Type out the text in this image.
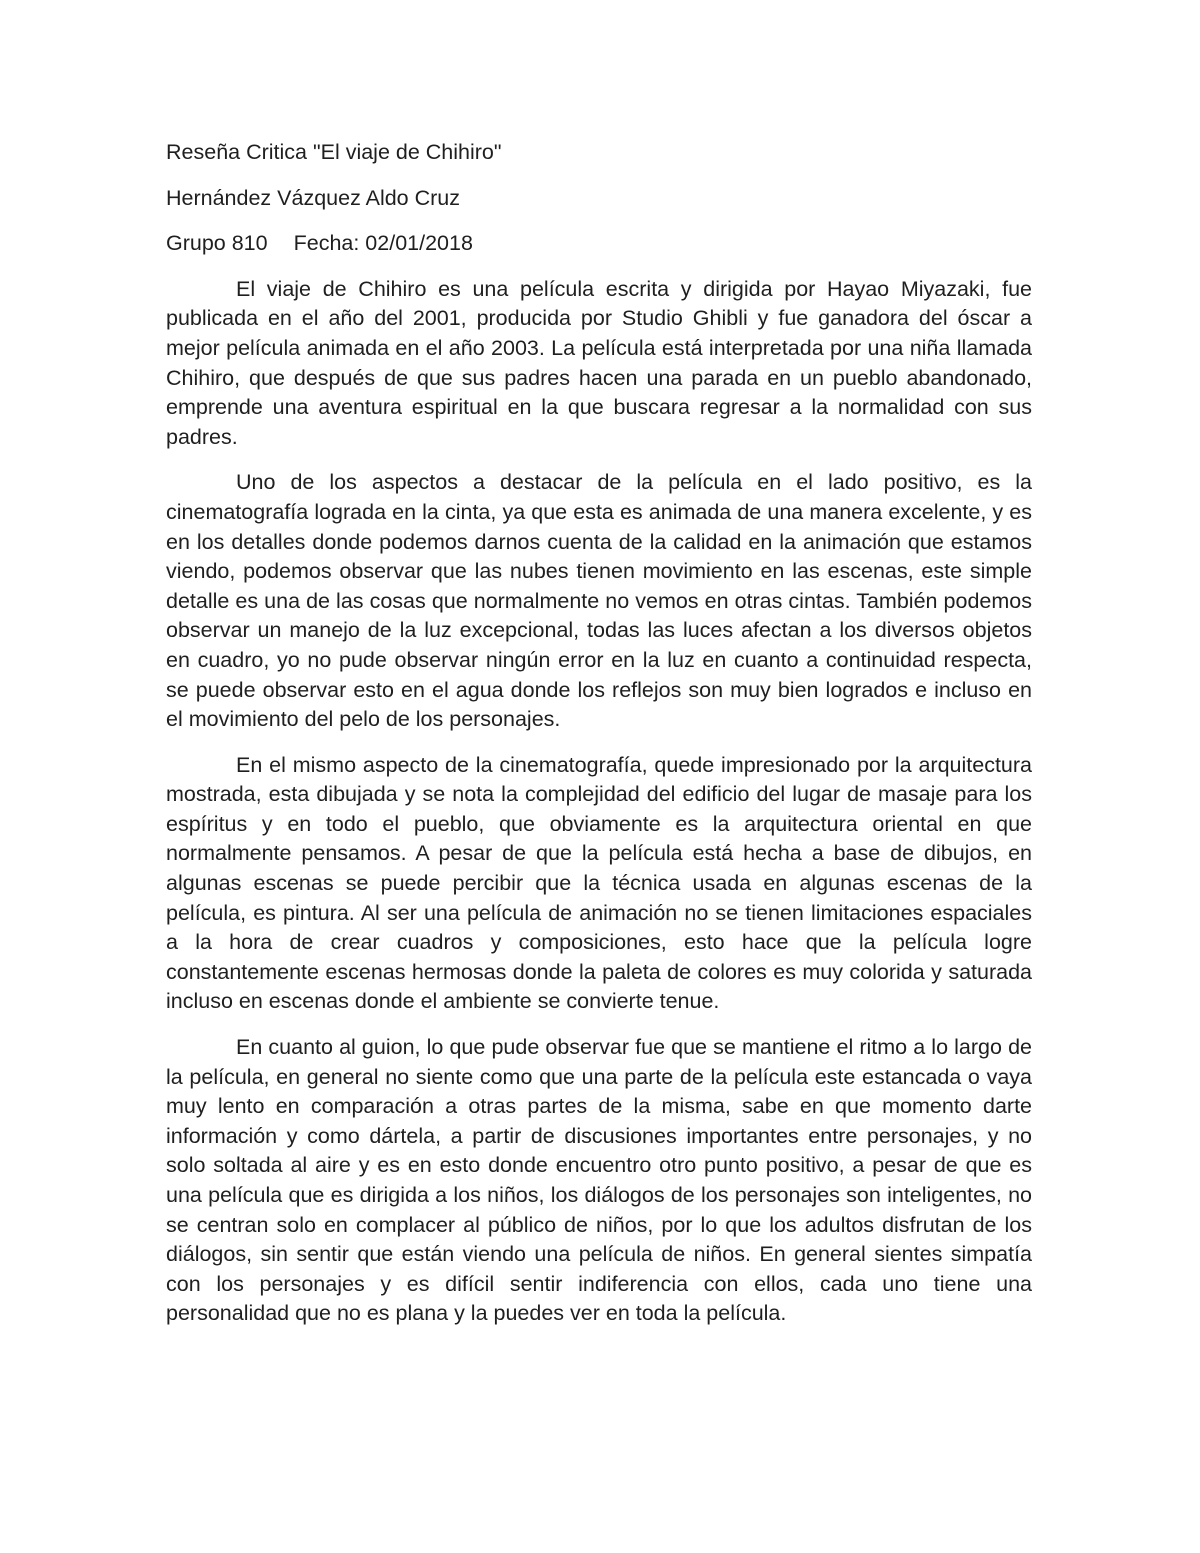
Reseña Critica "El viaje de Chihiro"
Hernández Vázquez Aldo Cruz
Grupo 810 Fecha: 02/01/2018

El viaje de Chihiro es una película escrita y dirigida por Hayao Miyazaki, fue publicada en el año del 2001, producida por Studio Ghibli y fue ganadora del óscar a mejor película animada en el año 2003. La película está interpretada por una niña llamada Chihiro, que después de que sus padres hacen una parada en un pueblo abandonado, emprende una aventura espiritual en la que buscara regresar a la normalidad con sus padres.

Uno de los aspectos a destacar de la película en el lado positivo, es la cinematografía lograda en la cinta, ya que esta es animada de una manera excelente, y es en los detalles donde podemos darnos cuenta de la calidad en la animación que estamos viendo, podemos observar que las nubes tienen movimiento en las escenas, este simple detalle es una de las cosas que normalmente no vemos en otras cintas. También podemos observar un manejo de la luz excepcional, todas las luces afectan a los diversos objetos en cuadro, yo no pude observar ningún error en la luz en cuanto a continuidad respecta, se puede observar esto en el agua donde los reflejos son muy bien logrados e incluso en el movimiento del pelo de los personajes.

En el mismo aspecto de la cinematografía, quede impresionado por la arquitectura mostrada, esta dibujada y se nota la complejidad del edificio del lugar de masaje para los espíritus y en todo el pueblo, que obviamente es la arquitectura oriental en que normalmente pensamos. A pesar de que la película está hecha a base de dibujos, en algunas escenas se puede percibir que la técnica usada en algunas escenas de la película, es pintura. Al ser una película de animación no se tienen limitaciones espaciales a la hora de crear cuadros y composiciones, esto hace que la película logre constantemente escenas hermosas donde la paleta de colores es muy colorida y saturada incluso en escenas donde el ambiente se convierte tenue.

En cuanto al guion, lo que pude observar fue que se mantiene el ritmo a lo largo de la película, en general no siente como que una parte de la película este estancada o vaya muy lento en comparación a otras partes de la misma, sabe en que momento darte información y como dártela, a partir de discusiones importantes entre personajes, y no solo soltada al aire y es en esto donde encuentro otro punto positivo, a pesar de que es una película que es dirigida a los niños, los diálogos de los personajes son inteligentes, no se centran solo en complacer al público de niños, por lo que los adultos disfrutan de los diálogos, sin sentir que están viendo una película de niños. En general sientes simpatía con los personajes y es difícil sentir indiferencia con ellos, cada uno tiene una personalidad que no es plana y la puedes ver en toda la película.
